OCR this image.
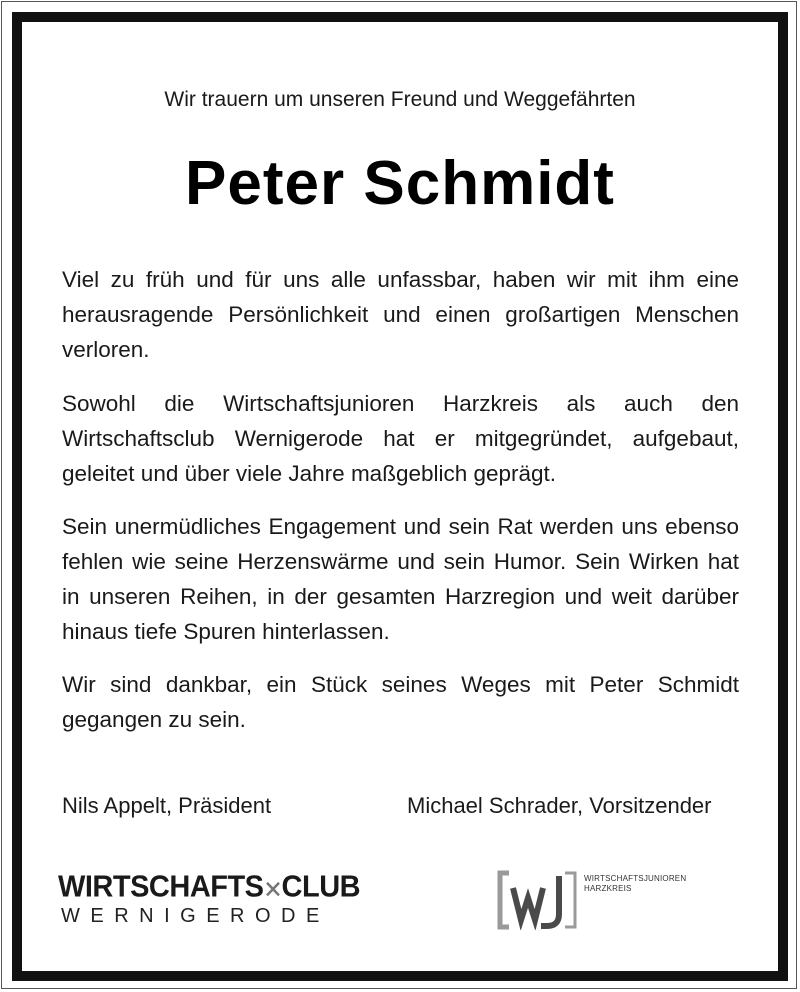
Wir trauern um unseren Freund und Weggefährten
Peter Schmidt
Viel zu früh und für uns alle unfassbar, haben wir mit ihm eine herausragende Persönlichkeit und einen großartigen Menschen verloren.
Sowohl die Wirtschaftsjunioren Harzkreis als auch den Wirtschaftsclub Wernigerode hat er mitgegründet, aufgebaut, geleitet und über viele Jahre maßgeblich geprägt.
Sein unermüdliches Engagement und sein Rat werden uns ebenso fehlen wie seine Herzenswärme und sein Humor. Sein Wirken hat in unseren Reihen, in der gesamten Harzregion und weit darüber hinaus tiefe Spuren hinterlassen.
Wir sind dankbar, ein Stück seines Weges mit Peter Schmidt gegangen zu sein.
Nils Appelt, Präsident	Michael Schrader, Vorsitzender
WIRTSCHAFTS CLUB
WERNIGERODE
WIRTSCHAFTSJUNIOREN
HARZKREIS
